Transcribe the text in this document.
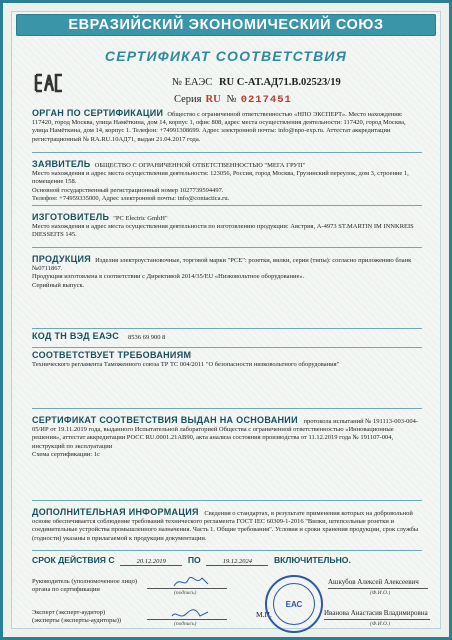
ЕВРАЗИЙСКИЙ ЭКОНОМИЧЕСКИЙ СОЮЗ
СЕРТИФИКАТ СООТВЕТСТВИЯ
№ ЕАЭС RU С-AT.АД71.В.02523/19
Серия RU № 0217451

ОРГАН ПО СЕРТИФИКАЦИИ Общество с ограниченной ответственностью «НПО ЭКСПЕРТ». Место нахождения: 117420, город Москва, улица Намёткина, дом 14, корпус 1, офис 808, адрес места осуществления деятельности: 117420, город Москва, улица Намёткина, дом 14, корпус 1. Телефон: +74991308699. Адрес электронной почты: info@npo-exp.ru. Аттестат аккредитации регистрационный № RA.RU.10АД71, выдан 21.04.2017 года.

ЗАЯВИТЕЛЬ ОБЩЕСТВО С ОГРАНИЧЕННОЙ ОТВЕТСТВЕННОСТЬЮ "МЕГА ГРУП"

Место нахождения и адрес места осуществления деятельности: 123056, Россия, город Москва, Грузинский переулок, дом 3, строение 1, помещение 158.

Основной государственный регистрационный номер 1027739594497.

Телефон: +74959335000, Адрес электронной почты: info@contactica.ru.

ИЗГОТОВИТЕЛЬ "PC Electric GmbH"

Место нахождения и адрес места осуществления деятельности по изготовлению продукции: Австрия, А-4973 ST.MARTIN IM INNKREIS DIESSEITS 145.

ПРОДУКЦИЯ Изделия электроустановочные, торговой марки "PCE": розетки, вилки, серии (типы): согласно приложению бланк №0711867.

Продукция изготовлена в соответствии с Директивой 2014/35/EU «Низковольтное оборудование».

Серийный выпуск.

КОД ТН ВЭД ЕАЭС 8536 69 900 8

СООТВЕТСТВУЕТ ТРЕБОВАНИЯМ

Технического регламента Таможенного союза ТР ТС 004/2011 "О безопасности низковольтного оборудования"

СЕРТИФИКАТ СООТВЕТСТВИЯ ВЫДАН НА ОСНОВАНИИ протокола испытаний № 191113-003-004-05/ИР от 19.11.2019 года, выданного Испытательной лабораторией Общества с ограниченной ответственностью «Инновационные решения», аттестат аккредитации РОСС RU.0001.21АВ90, акта анализа состояния производства от 11.12.2019 года № 191107-004, инструкций по эксплуатации

Схема сертификации: 1с

ДОПОЛНИТЕЛЬНАЯ ИНФОРМАЦИЯ Сведения о стандартах, в результате применения которых на добровольной основе обеспечивается соблюдение требований технического регламента ГОСТ IEC 60309-1-2016 "Вилки, штепсельные розетки и соединительные устройства промышленного назначения. Часть 1. Общие требования". Условия и сроки хранения продукции, срок службы (годности) указаны в прилагаемой к продукции документации.

СРОК ДЕЙСТВИЯ С	20.12.2019	ПО	19.12.2024	ВКЛЮЧИТЕЛЬНО.
Руководитель (уполномоченное лицо) органа по сертификации
(подпись)
Ашкубов Алексей Алексеевич
(Ф.И.О.)
М.П.
Эксперт (эксперт-аудитор)
(эксперты (эксперты-аудиторы))
(подпись)
Иванова Анастасия Владимировна
(Ф.И.О.)
ЕАС
